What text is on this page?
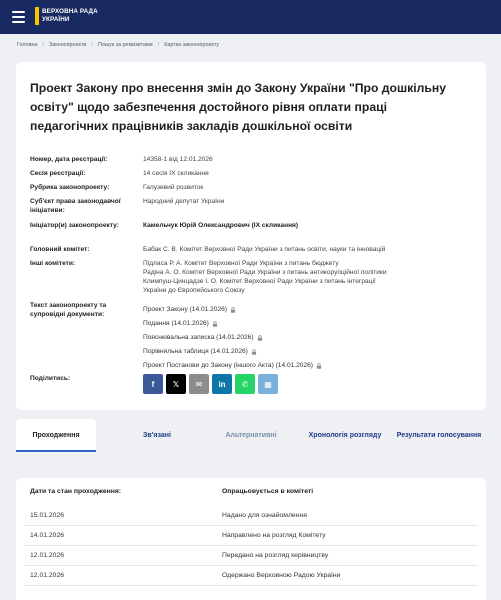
ВЕРХОВНА РАДА
УКРАЇНИ
Головна / Законопроекти / Пошук за реквізитами / Картка законопроекту
Проект Закону про внесення змін до Закону України "Про дошкільну освіту" щодо забезпечення достойного рівня оплати праці педагогічних працівників закладів дошкільної освіти
Номер, дата реєстрації:	14358-1 від 12.01.2026
Сесія реєстрації:	14 сесія IX скликання
Рубрика законопроекту:	Галузевий розвиток
Суб'єкт права законодавчої ініціативи:
Народний депутат України
Ініціатор(и) законопроекту:	Камельчук Юрій Олександрович (IX скликання)
Головний комітет:	Бабак С. В. Комітет Верховної Ради України з питань освіти, науки та інновацій
Інші комітети:	Підласа Р. А. Комітет Верховної Ради України з питань бюджету
Радіна А. О. Комітет Верховної Ради України з питань антикорупційної політики
Климпуш-Цинцадзе І. О. Комітет Верховної Ради України з питань інтеграції
України до Європейського Союзу
Текст законопроекту та супровідні документи:
Проект Закону (14.01.2026)
Подання (14.01.2026)
Пояснювальна записка (14.01.2026)
Порівняльна таблиця (14.01.2026)
Проект Постанови до Закону (іншого Акта) (14.01.2026)
Поділитись:
f 𝕏 ✉ in ✆ ▦
Проходження	Зв'язані	Альтернативні	Хронологія розгляду	Результати голосування
Дати та стан проходження:	Опрацьовується в комітеті
15.01.2026	Надано для ознайомлення
14.01.2026	Направлено на розгляд Комітету
12.01.2026	Передано на розгляд керівництву
12.01.2026	Одержано Верховною Радою України
